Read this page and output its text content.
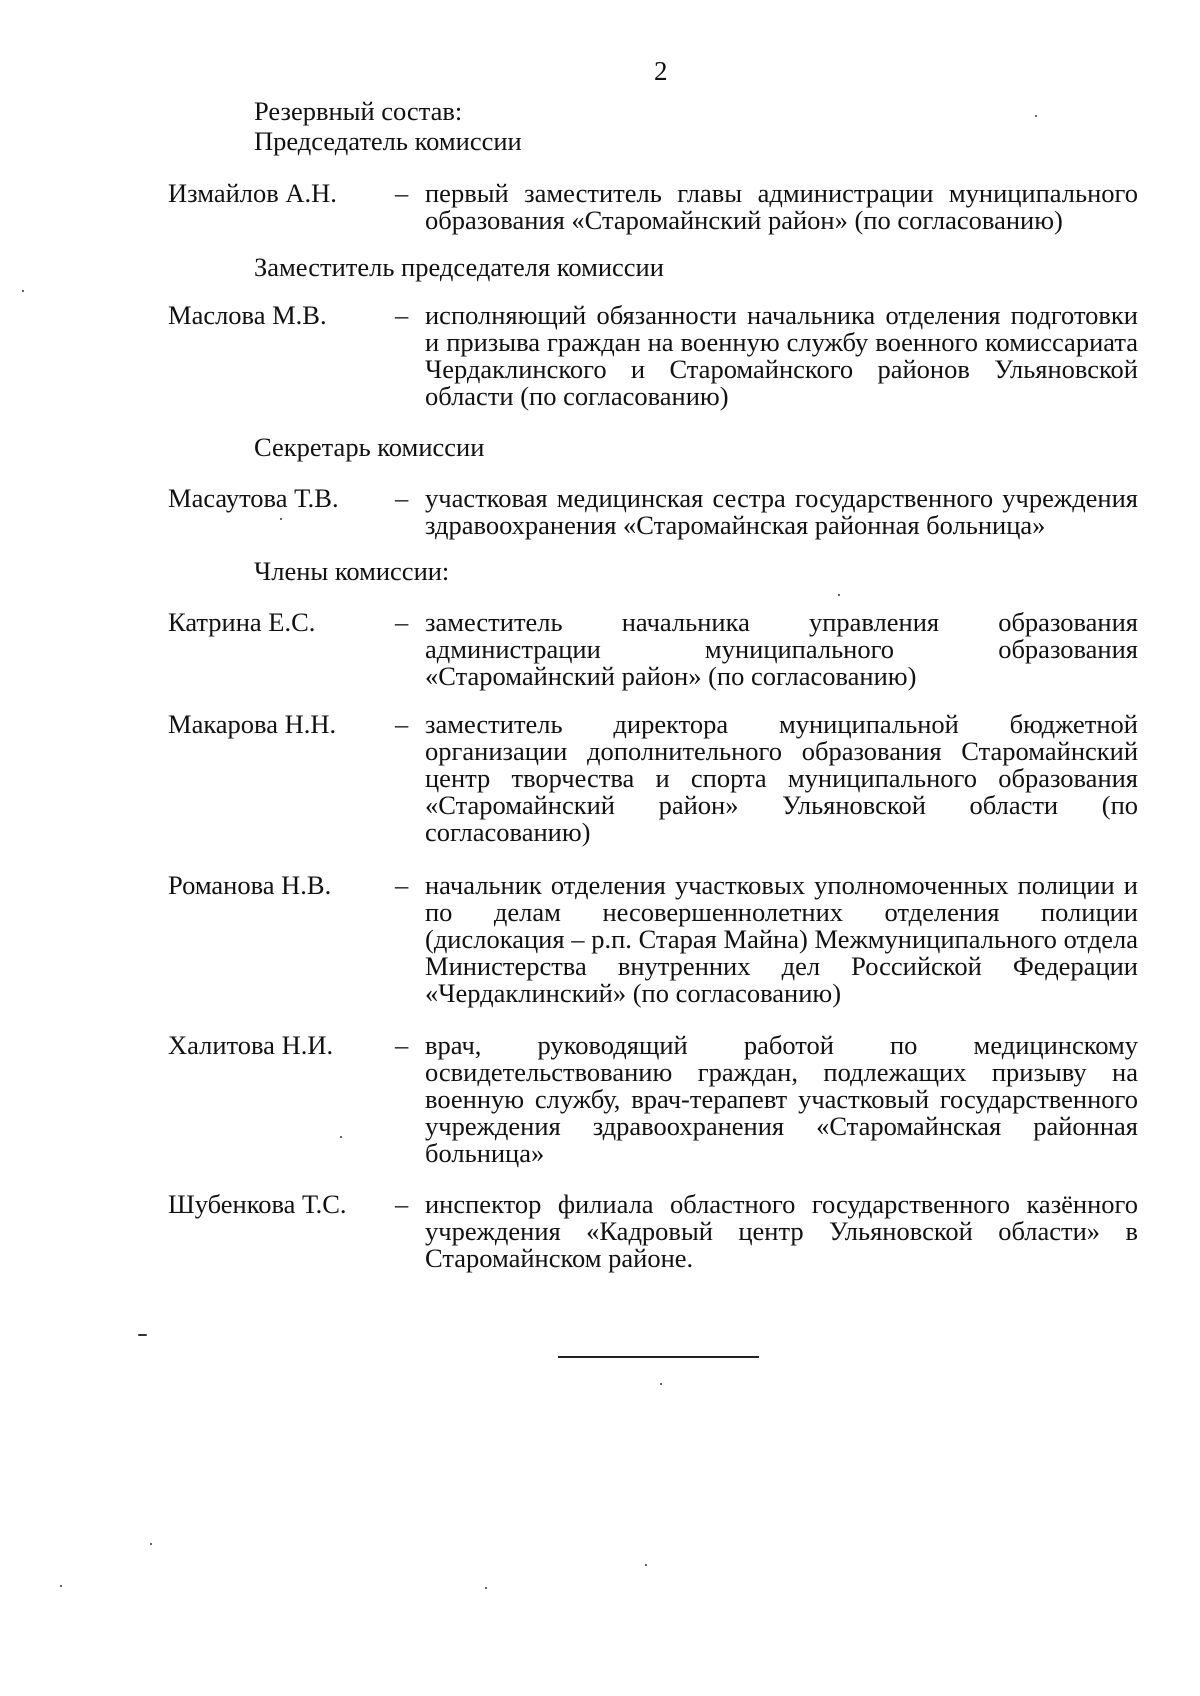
2
Резервный состав:
Председатель комиссии
Измайлов А.Н. – первый заместитель главы администрации муниципального образования «Старомайнский район» (по согласованию)
Заместитель председателя комиссии
Маслова М.В.	– исполняющий обязанности начальника отделения подготовки и призыва граждан на военную службу военного комиссариата Чердаклинского и Старомайнского районов Ульяновской области (по согласованию)
Секретарь комиссии
Масаутова Т.В. – участковая медицинская сестра государственного учреждения здравоохранения «Старомайнская районная больница»
Члены комиссии:
Катрина Е.С.	– заместитель начальника управления образования администрации муниципального образования «Старомайнский район» (по согласованию)
Макарова Н.Н. – заместитель директора муниципальной бюджетной организации дополнительного образования Старомайнский центр творчества и спорта муниципального образования «Старомайнский район» Ульяновской области (по согласованию)
Романова Н.В. – начальник отделения участковых уполномоченных полиции и по делам несовершеннолетних отделения полиции (дислокация – р.п. Старая Майна) Межмуниципального отдела Министерства внутренних дел Российской Федерации «Чердаклинский» (по согласованию)
Халитова Н.И. – врач, руководящий работой по медицинскому освидетельствованию граждан, подлежащих призыву на военную службу, врач-терапевт участковый государственного учреждения здравоохранения «Старомайнская районная больница»
Шубенкова Т.С. – инспектор филиала областного государственного казённого учреждения «Кадровый центр Ульяновской области» в Старомайнском районе.
